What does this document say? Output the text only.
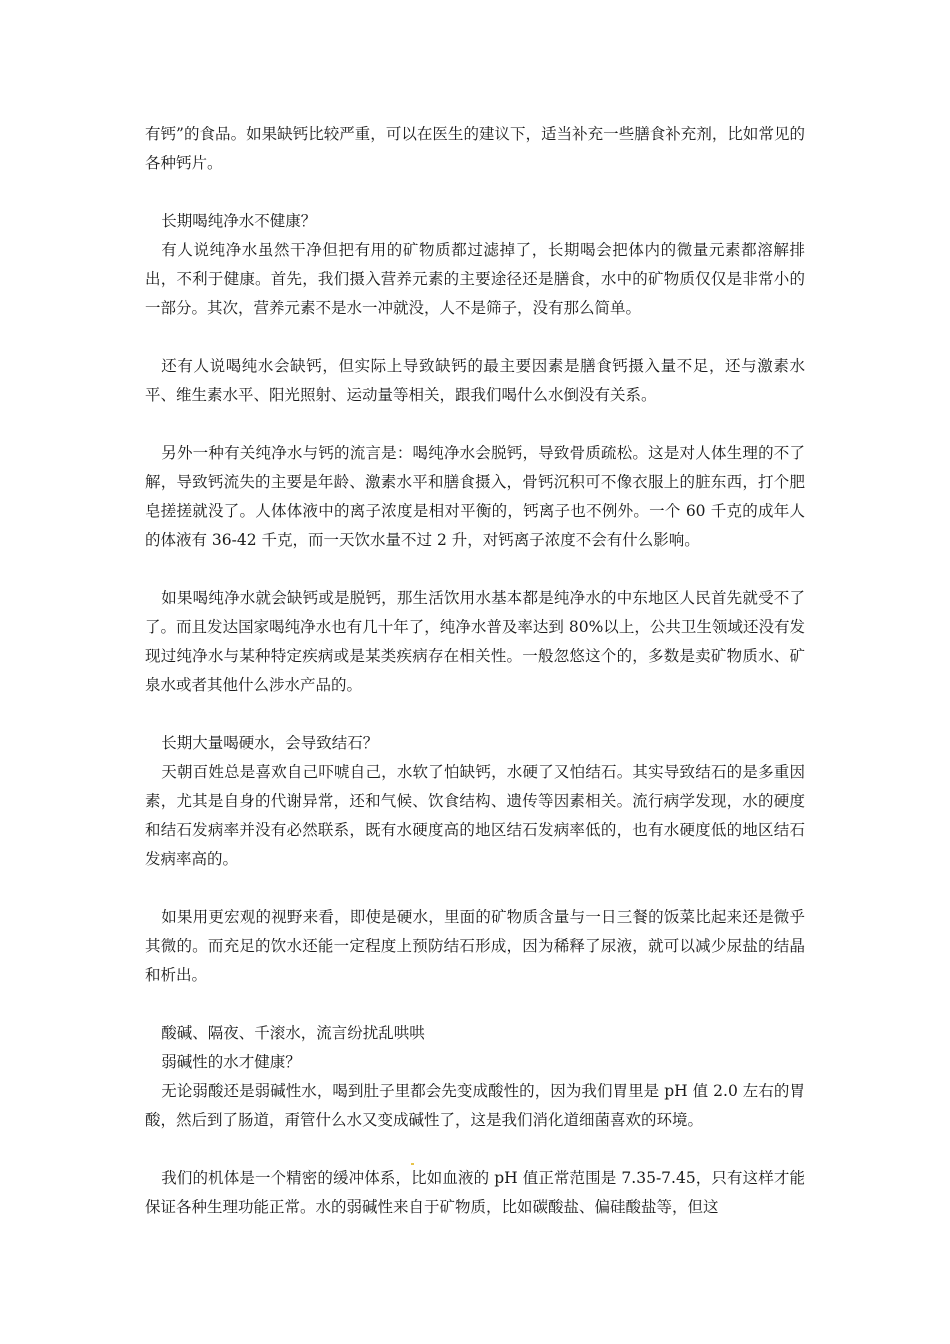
有钙”的食品。如果缺钙比较严重，可以在医生的建议下，适当补充一些膳食补充剂，比如常见的各种钙片。

长期喝纯净水不健康？

有人说纯净水虽然干净但把有用的矿物质都过滤掉了，长期喝会把体内的微量元素都溶解排出，不利于健康。首先，我们摄入营养元素的主要途径还是膳食，水中的矿物质仅仅是非常小的一部分。其次，营养元素不是水一冲就没，人不是筛子，没有那么简单。

还有人说喝纯水会缺钙，但实际上导致缺钙的最主要因素是膳食钙摄入量不足，还与激素水平、维生素水平、阳光照射、运动量等相关，跟我们喝什么水倒没有关系。

另外一种有关纯净水与钙的流言是：喝纯净水会脱钙，导致骨质疏松。这是对人体生理的不了解，导致钙流失的主要是年龄、激素水平和膳食摄入，骨钙沉积可不像衣服上的脏东西，打个肥皂搓搓就没了。人体体液中的离子浓度是相对平衡的，钙离子也不例外。一个 60 千克的成年人的体液有 36-42 千克，而一天饮水量不过 2 升，对钙离子浓度不会有什么影响。

如果喝纯净水就会缺钙或是脱钙，那生活饮用水基本都是纯净水的中东地区人民首先就受不了了。而且发达国家喝纯净水也有几十年了，纯净水普及率达到 80%以上，公共卫生领域还没有发现过纯净水与某种特定疾病或是某类疾病存在相关性。一般忽悠这个的，多数是卖矿物质水、矿泉水或者其他什么涉水产品的。

长期大量喝硬水，会导致结石？

天朝百姓总是喜欢自己吓唬自己，水软了怕缺钙，水硬了又怕结石。其实导致结石的是多重因素，尤其是自身的代谢异常，还和气候、饮食结构、遗传等因素相关。流行病学发现，水的硬度和结石发病率并没有必然联系，既有水硬度高的地区结石发病率低的，也有水硬度低的地区结石发病率高的。

如果用更宏观的视野来看，即使是硬水，里面的矿物质含量与一日三餐的饭菜比起来还是微乎其微的。而充足的饮水还能一定程度上预防结石形成，因为稀释了尿液，就可以减少尿盐的结晶和析出。

酸碱、隔夜、千滚水，流言纷扰乱哄哄

弱碱性的水才健康？

无论弱酸还是弱碱性水，喝到肚子里都会先变成酸性的，因为我们胃里是 pH 值 2.0 左右的胃酸，然后到了肠道，甭管什么水又变成碱性了，这是我们消化道细菌喜欢的环境。

我们的机体是一个精密的缓冲体系，比如血液的 pH 值正常范围是 7.35-7.45，只有这样才能保证各种生理功能正常。水的弱碱性来自于矿物质，比如碳酸盐、偏硅酸盐等，但这
